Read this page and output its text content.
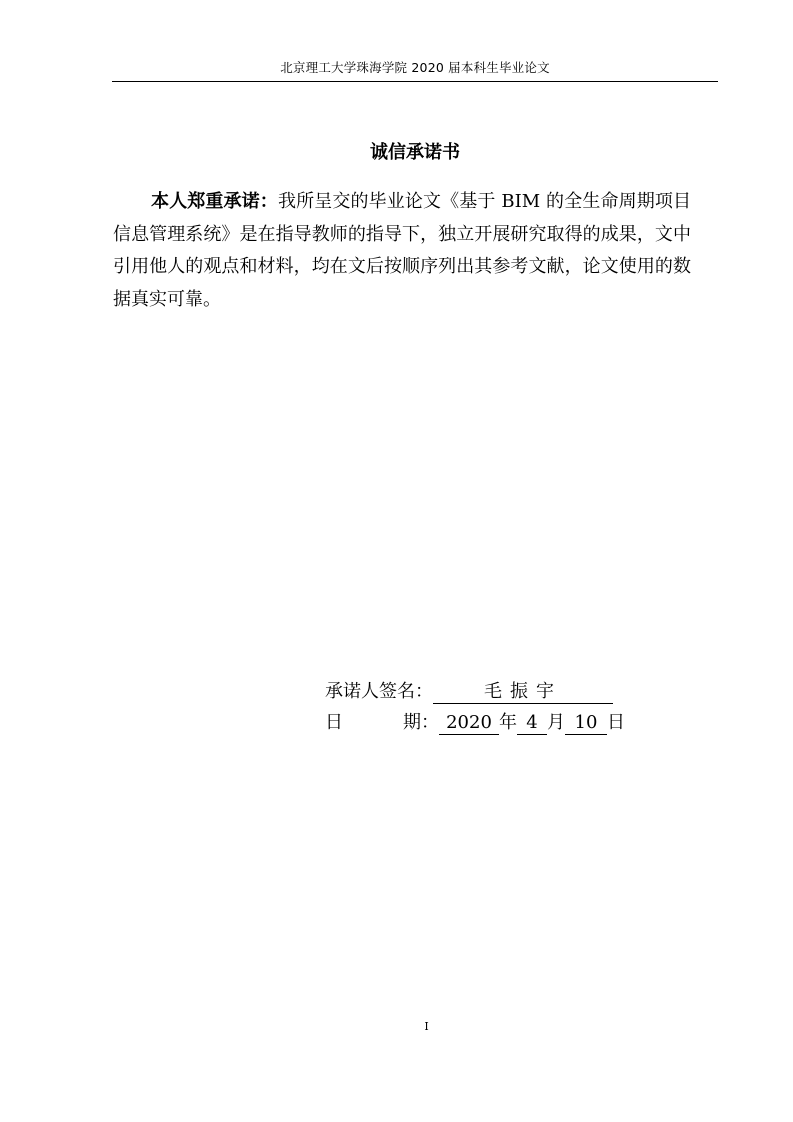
北京理工大学珠海学院 2020 届本科生毕业论文
诚信承诺书
本人郑重承诺：我所呈交的毕业论文《基于 BIM 的全生命周期项目信息管理系统》是在指导教师的指导下，独立开展研究取得的成果，文中引用他人的观点和材料，均在文后按顺序列出其参考文献，论文使用的数据真实可靠。
承诺人签名：	毛振宇
日	期： 2020 年 4 月 10 日
I
